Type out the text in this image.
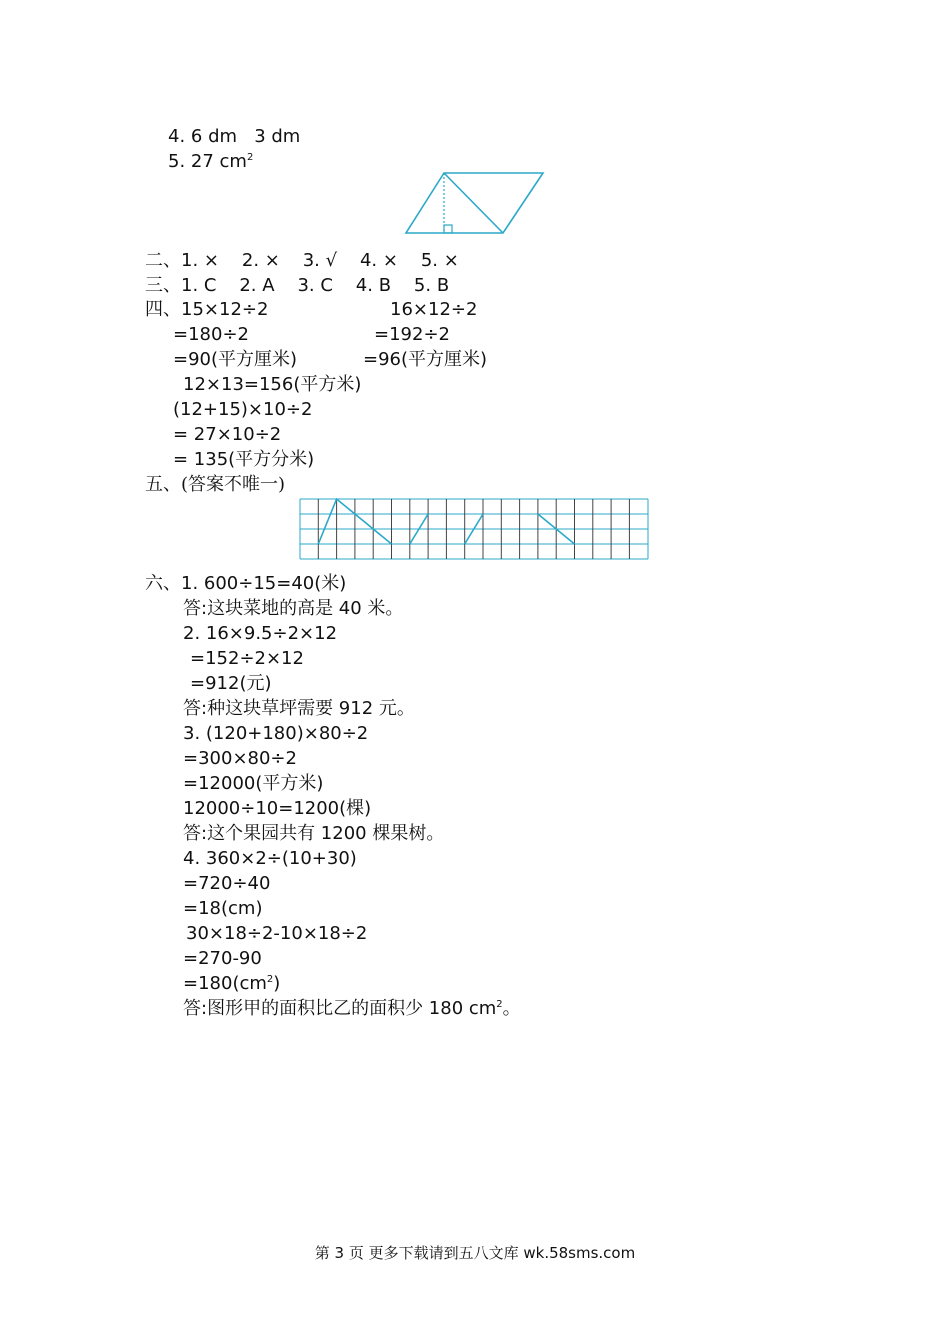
4. 6 dm   3 dm
5. 27 $cm^2$
二、1. ×    2. ×    3. √    4. ×    5. ×
三、1. C    2. A    3. C    4. B    5. B
四、15×12÷2	16×12÷2
=180÷2	=192÷2
=90(平方厘米)	=96(平方厘米)
12×13=156(平方米)
(12+15)×10÷2
= 27×10÷2
= 135(平方分米)
五、(答案不唯一)
六、1. 600÷15=40(米)
答:这块菜地的高是 40 米。
2. 16×9.5÷2×12
=152÷2×12
=912(元)
答:种这块草坪需要 912 元。
3. (120+180)×80÷2
=300×80÷2
=12000(平方米)
12000÷10=1200(棵)
答:这个果园共有 1200 棵果树。
4. 360×2÷(10+30)
=720÷40
=18(cm)
30×18÷2-10×18÷2
=270-90
$=180(cm^2)$
答:图形甲的面积比乙的面积少 180 $cm^2$。
第 3 页 更多下载请到五八文库 wk.58sms.com
